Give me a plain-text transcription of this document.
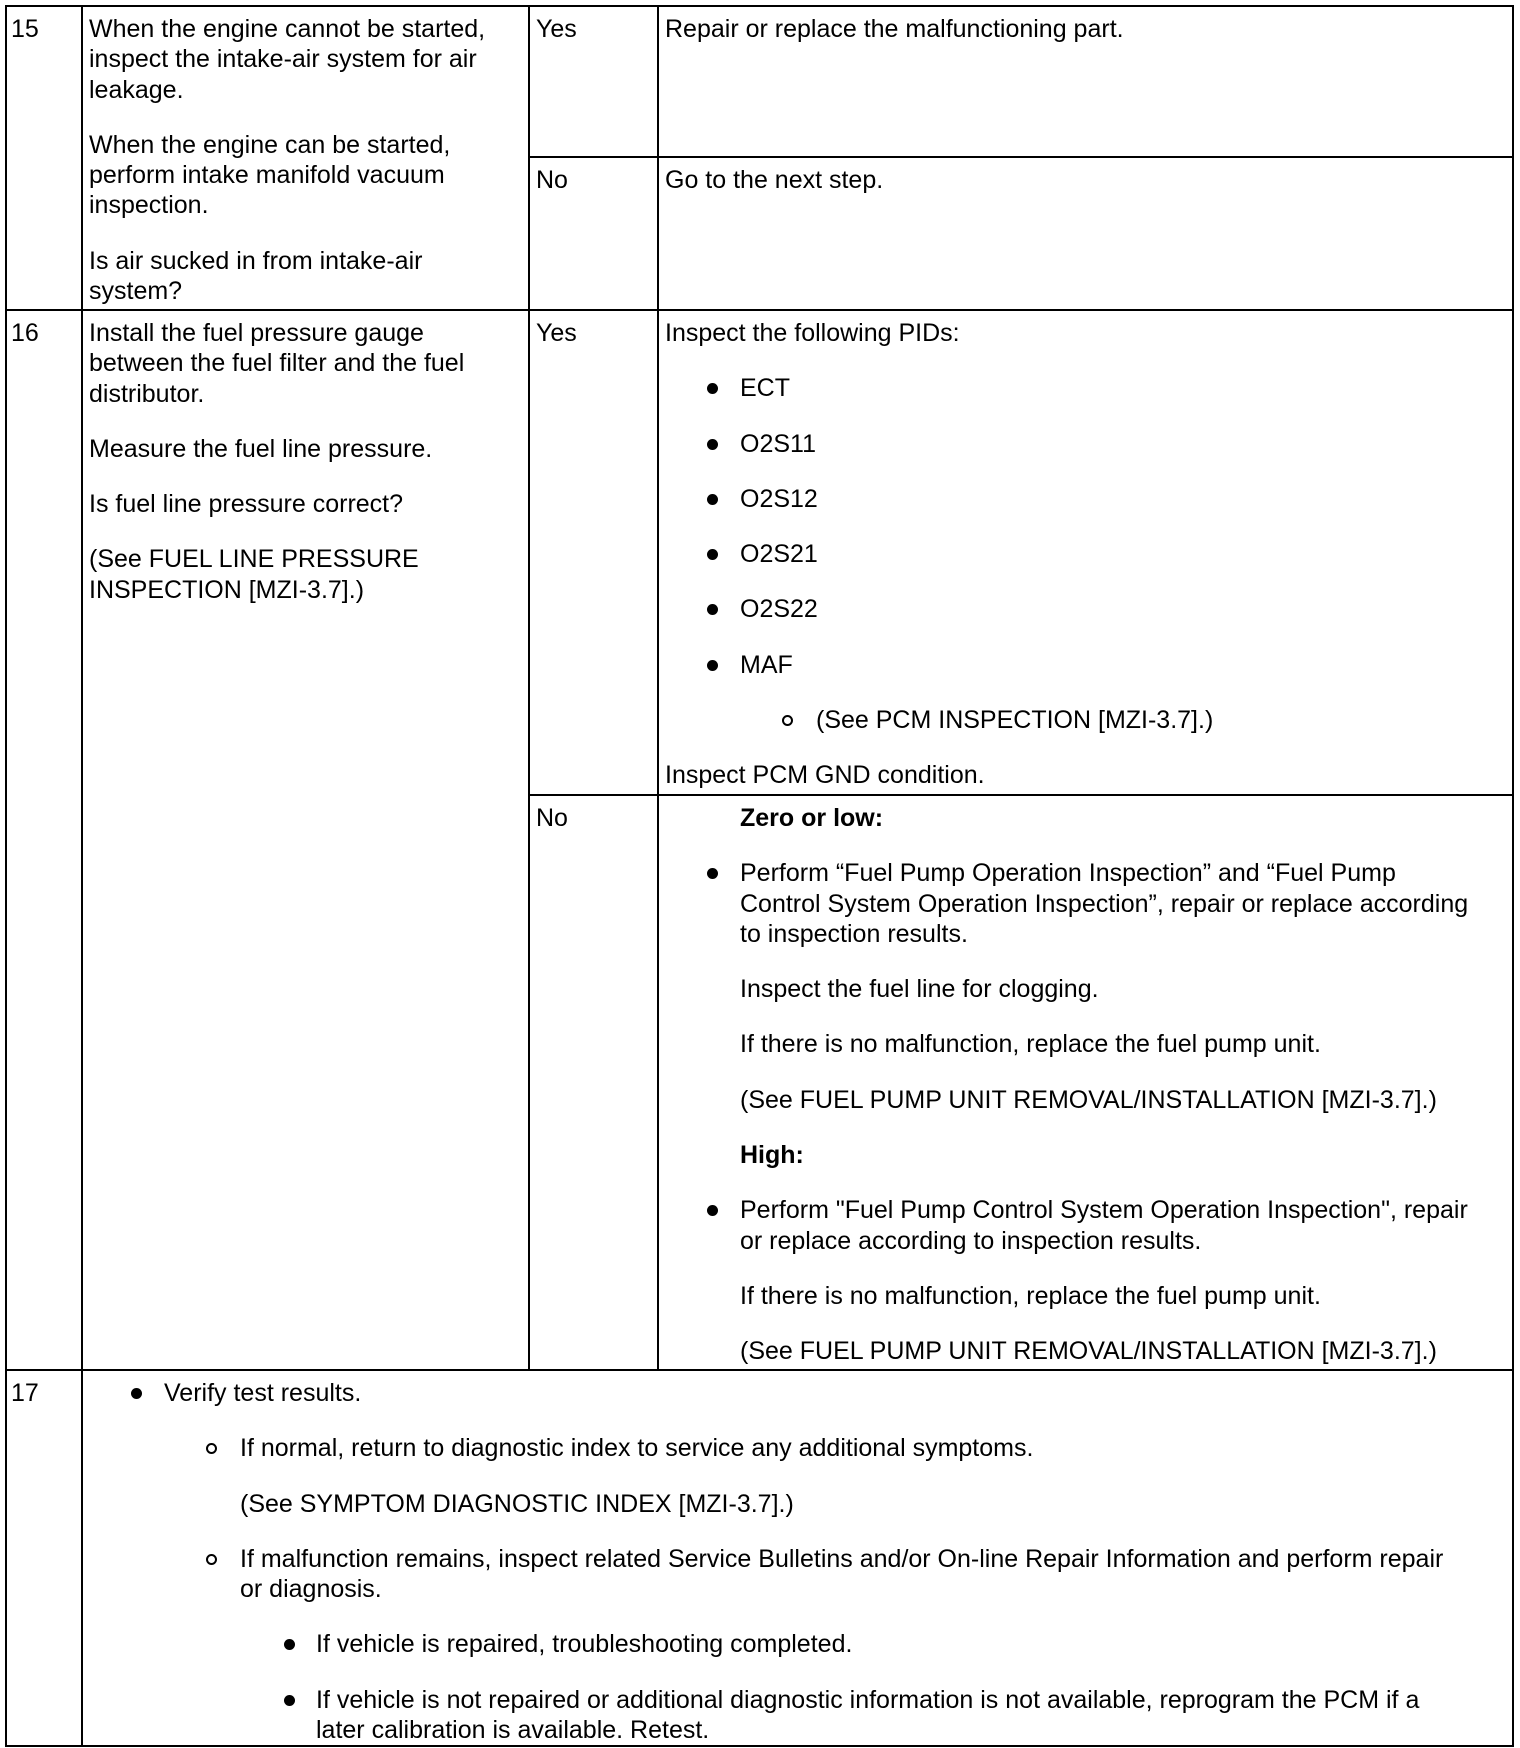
15	When the engine cannot be started,
inspect the intake-air system for air
leakage.
When the engine can be started,
perform intake manifold vacuum
inspection.
Is air sucked in from intake-air
system?
Yes	Repair or replace the malfunctioning part.
No	Go to the next step.
16	Install the fuel pressure gauge
between the fuel filter and the fuel
distributor.
Measure the fuel line pressure.
Is fuel line pressure correct?
(See FUEL LINE PRESSURE
INSPECTION [MZI-3.7].)
Yes	Inspect the following PIDs:
ECT
O2S11
O2S12
O2S21
O2S22
MAF
(See PCM INSPECTION [MZI-3.7].)
Inspect PCM GND condition.
No	Zero or low:
Perform “Fuel Pump Operation Inspection” and “Fuel Pump
Control System Operation Inspection”, repair or replace according
to inspection results.
Inspect the fuel line for clogging.
If there is no malfunction, replace the fuel pump unit.
(See FUEL PUMP UNIT REMOVAL/INSTALLATION [MZI-3.7].)
High:
Perform "Fuel Pump Control System Operation Inspection", repair
or replace according to inspection results.
If there is no malfunction, replace the fuel pump unit.
(See FUEL PUMP UNIT REMOVAL/INSTALLATION [MZI-3.7].)
17	Verify test results.
If normal, return to diagnostic index to service any additional symptoms.
(See SYMPTOM DIAGNOSTIC INDEX [MZI-3.7].)
If malfunction remains, inspect related Service Bulletins and/or On-line Repair Information and perform repair
or diagnosis.
If vehicle is repaired, troubleshooting completed.
If vehicle is not repaired or additional diagnostic information is not available, reprogram the PCM if a
later calibration is available. Retest.
